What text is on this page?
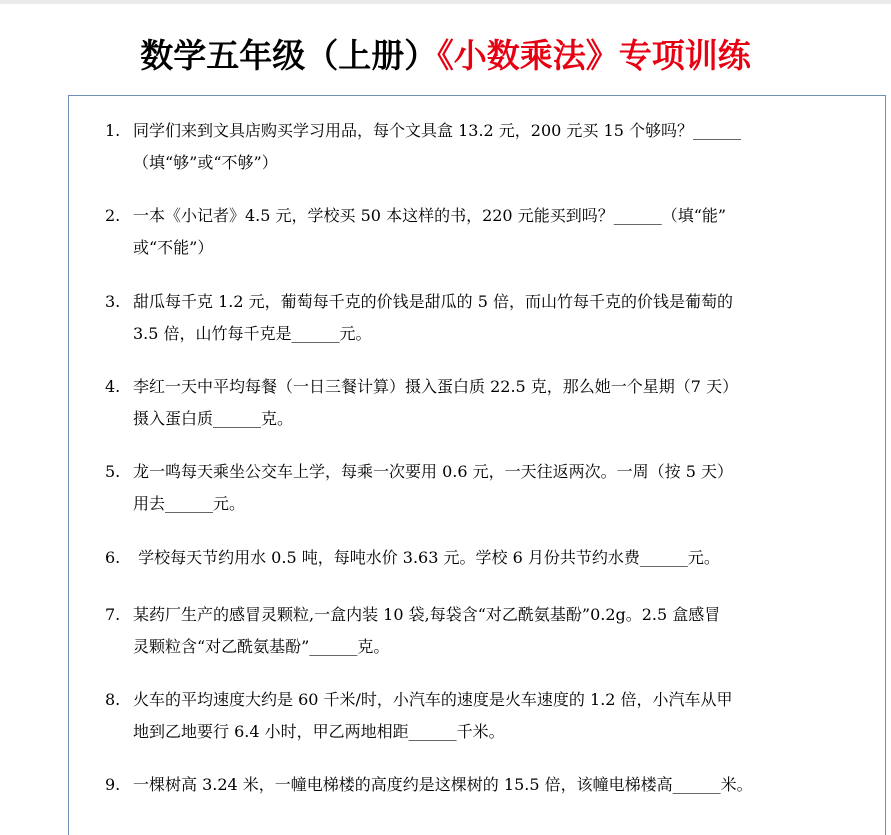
数学五年级（上册）《小数乘法》专项训练
1. 同学们来到文具店购买学习用品，每个文具盒 13.2 元，200 元买 15 个够吗？______
（填“够”或“不够”）
2. 一本《小记者》4.5 元，学校买 50 本这样的书，220 元能买到吗？______（填“能”
或“不能”）
3. 甜瓜每千克 1.2 元，葡萄每千克的价钱是甜瓜的 5 倍，而山竹每千克的价钱是葡萄的
3.5 倍，山竹每千克是______元。
4. 李红一天中平均每餐（一日三餐计算）摄入蛋白质 22.5 克，那么她一个星期（7 天）
摄入蛋白质______克。
5. 龙一鸣每天乘坐公交车上学，每乘一次要用 0.6 元，一天往返两次。一周（按 5 天）
用去______元。
6. 学校每天节约用水 0.5 吨，每吨水价 3.63 元。学校 6 月份共节约水费______元。
7. 某药厂生产的感冒灵颗粒,一盒内装 10 袋,每袋含“对乙酰氨基酚”0.2g。2.5 盒感冒
灵颗粒含“对乙酰氨基酚”______克。
8. 火车的平均速度大约是 60 千米/时，小汽车的速度是火车速度的 1.2 倍，小汽车从甲
地到乙地要行 6.4 小时，甲乙两地相距______千米。
9. 一棵树高 3.24 米，一幢电梯楼的高度约是这棵树的 15.5 倍，该幢电梯楼高______米。
